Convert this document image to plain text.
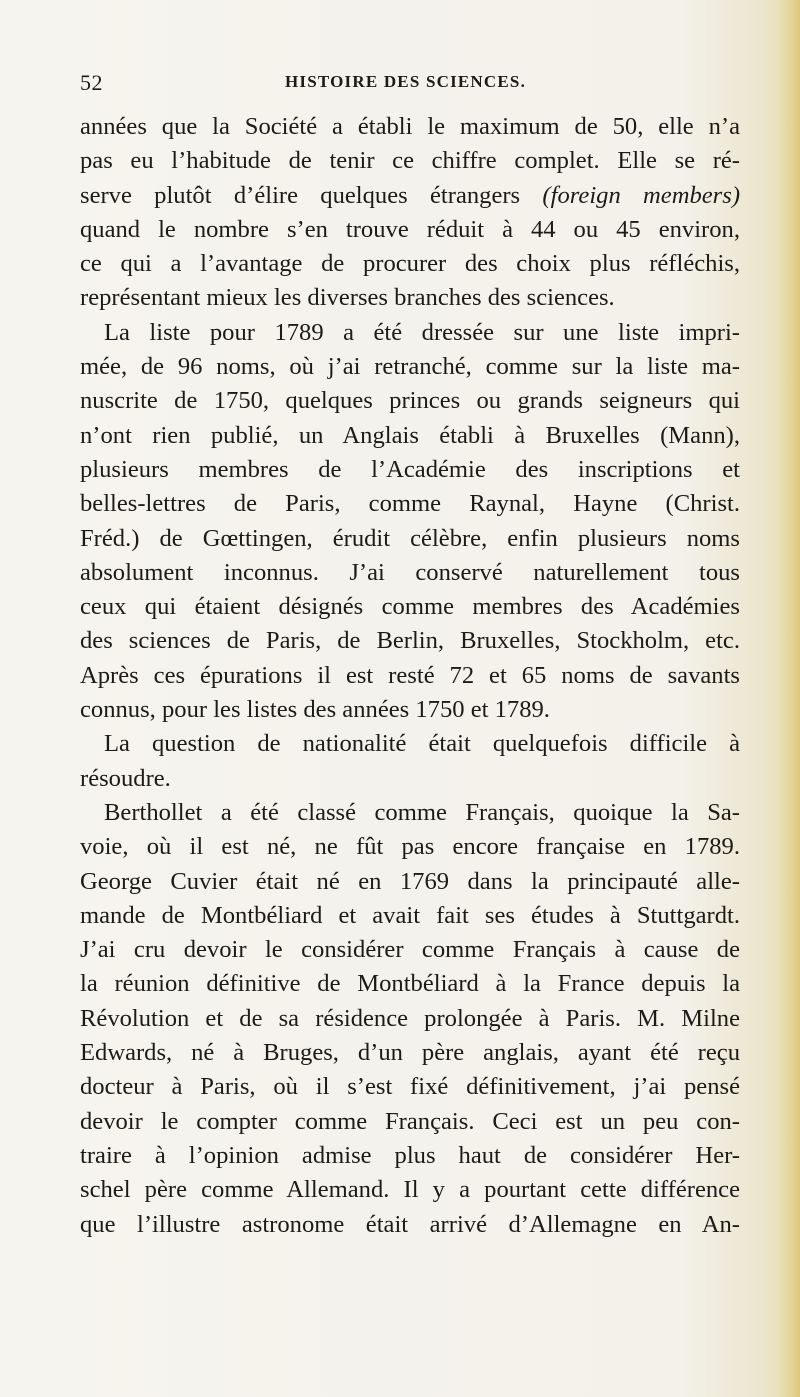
52	HISTOIRE DES SCIENCES.
années que la Société a établi le maximum de 50, elle n’a
pas eu l’habitude de tenir ce chiffre complet. Elle se ré-
serve plutôt d’élire quelques étrangers (foreign members)
quand le nombre s’en trouve réduit à 44 ou 45 environ,
ce qui a l’avantage de procurer des choix plus réfléchis,
représentant mieux les diverses branches des sciences.
La liste pour 1789 a été dressée sur une liste impri-
mée, de 96 noms, où j’ai retranché, comme sur la liste ma-
nuscrite de 1750, quelques princes ou grands seigneurs qui
n’ont rien publié, un Anglais établi à Bruxelles (Mann),
plusieurs membres de l’Académie des inscriptions et
belles-lettres de Paris, comme Raynal, Hayne (Christ.
Fréd.) de Gœttingen, érudit célèbre, enfin plusieurs noms
absolument inconnus. J’ai conservé naturellement tous
ceux qui étaient désignés comme membres des Académies
des sciences de Paris, de Berlin, Bruxelles, Stockholm, etc.
Après ces épurations il est resté 72 et 65 noms de savants
connus, pour les listes des années 1750 et 1789.
La question de nationalité était quelquefois difficile à
résoudre.
Berthollet a été classé comme Français, quoique la Sa-
voie, où il est né, ne fût pas encore française en 1789.
George Cuvier était né en 1769 dans la principauté alle-
mande de Montbéliard et avait fait ses études à Stuttgardt.
J’ai cru devoir le considérer comme Français à cause de
la réunion définitive de Montbéliard à la France depuis la
Révolution et de sa résidence prolongée à Paris. M. Milne
Edwards, né à Bruges, d’un père anglais, ayant été reçu
docteur à Paris, où il s’est fixé définitivement, j’ai pensé
devoir le compter comme Français. Ceci est un peu con-
traire à l’opinion admise plus haut de considérer Her-
schel père comme Allemand. Il y a pourtant cette différence
que l’illustre astronome était arrivé d’Allemagne en An-
